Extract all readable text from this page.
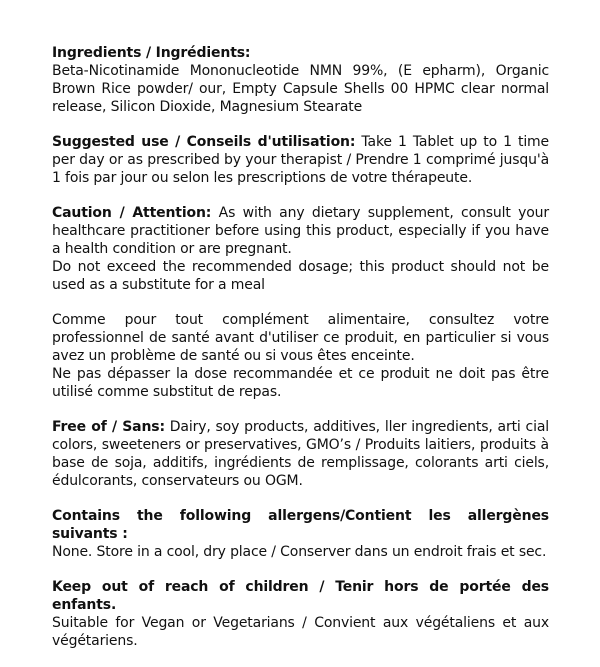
Ingredients / Ingrédients:
Beta-Nicotinamide Mononucleotide NMN 99%, (E epharm), Organic Brown Rice powder/ our, Empty Capsule Shells 00 HPMC clear normal release, Silicon Dioxide, Magnesium Stearate

Suggested use / Conseils d'utilisation: Take 1 Tablet up to 1 time per day or as prescribed by your therapist / Prendre 1 comprimé jusqu'à 1 fois par jour ou selon les prescriptions de votre thérapeute.

Caution / Attention: As with any dietary supplement, consult your healthcare practitioner before using this product, especially if you have a health condition or are pregnant.

Do not exceed the recommended dosage; this product should not be used as a substitute for a meal

Comme pour tout complément alimentaire, consultez votre professionnel de santé avant d'utiliser ce produit, en particulier si vous avez un problème de santé ou si vous êtes enceinte.

Ne pas dépasser la dose recommandée et ce produit ne doit pas être utilisé comme substitut de repas.

Free of / Sans: Dairy, soy products, additives, ller ingredients, arti cial colors, sweeteners or preservatives, GMO’s / Produits laitiers, produits à base de soja, additifs, ingrédients de remplissage, colorants arti ciels, édulcorants, conservateurs ou OGM.

Contains the following allergens/Contient les allergènes suivants :
None. Store in a cool, dry place / Conserver dans un endroit frais et sec.

Keep out of reach of children / Tenir hors de portée des enfants.
Suitable for Vegan or Vegetarians / Convient aux végétaliens et aux végétariens.
